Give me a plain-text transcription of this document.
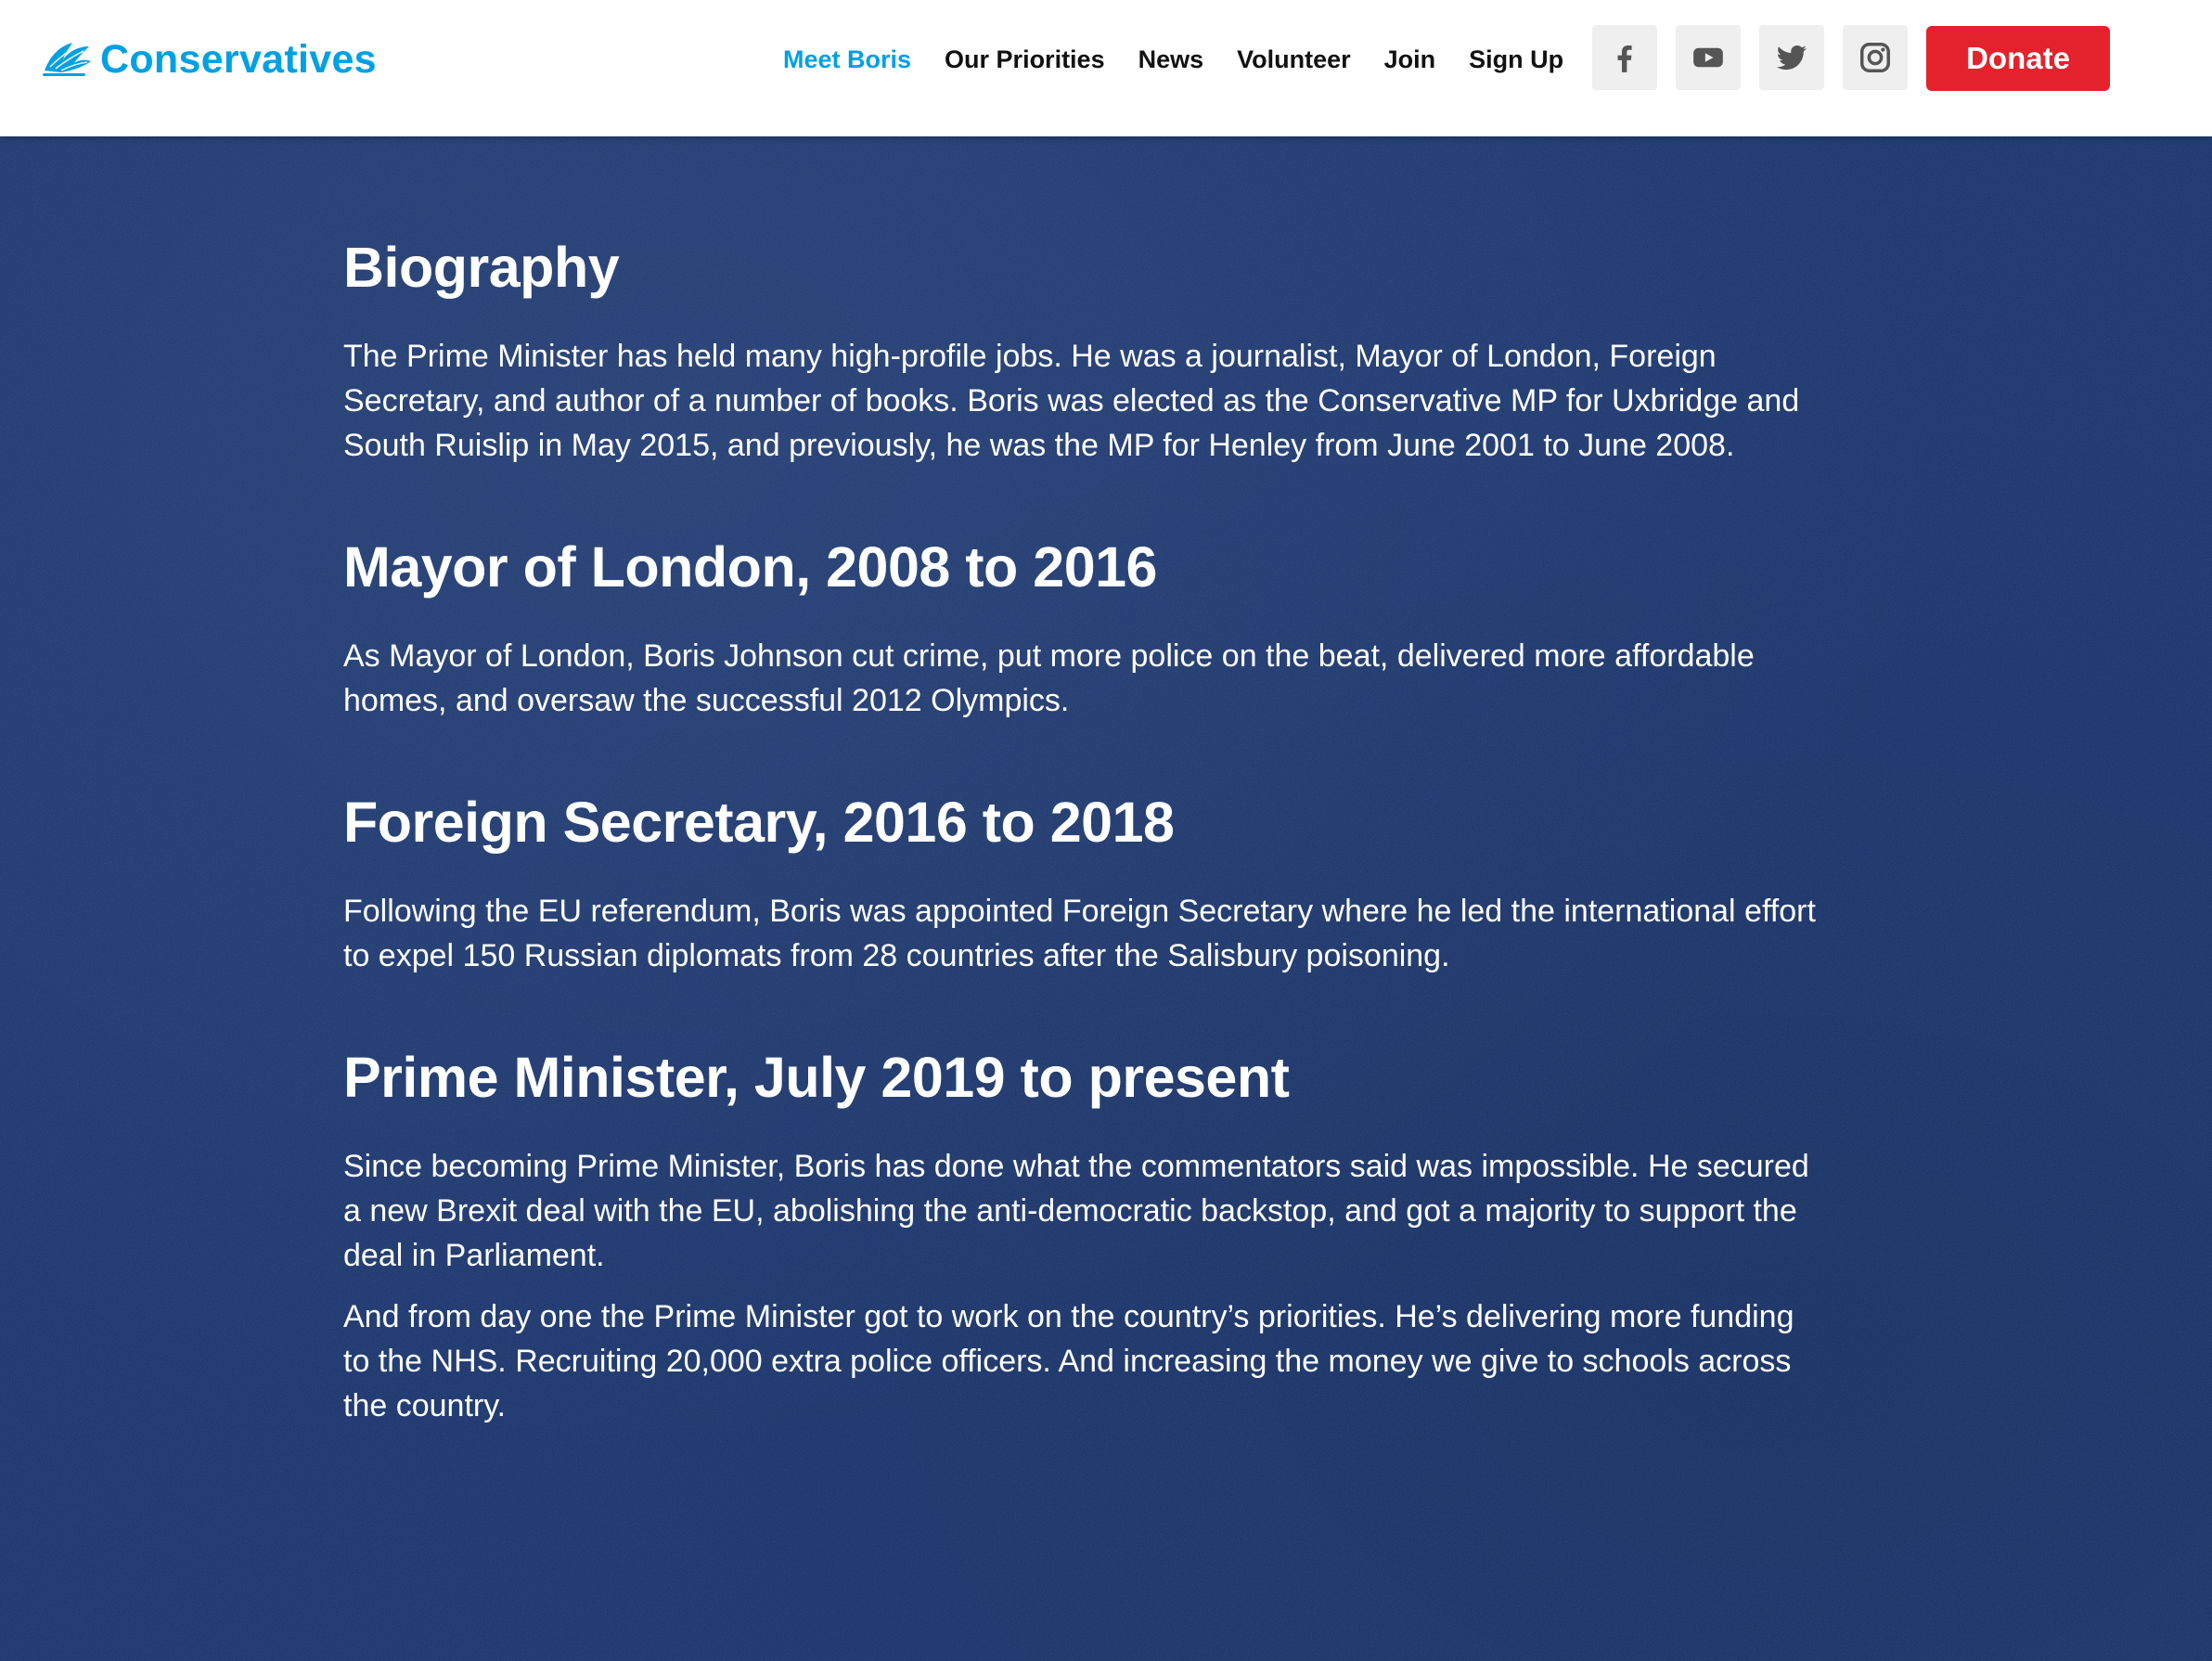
Conservatives	Meet Boris Our Priorities News Volunteer Join Sign Up	Donate
Biography

The Prime Minister has held many high-profile jobs. He was a journalist, Mayor of London, Foreign Secretary, and author of a number of books. Boris was elected as the Conservative MP for Uxbridge and South Ruislip in May 2015, and previously, he was the MP for Henley from June 2001 to June 2008.

Mayor of London, 2008 to 2016

As Mayor of London, Boris Johnson cut crime, put more police on the beat, delivered more affordable homes, and oversaw the successful 2012 Olympics.

Foreign Secretary, 2016 to 2018

Following the EU referendum, Boris was appointed Foreign Secretary where he led the international effort to expel 150 Russian diplomats from 28 countries after the Salisbury poisoning.

Prime Minister, July 2019 to present

Since becoming Prime Minister, Boris has done what the commentators said was impossible. He secured a new Brexit deal with the EU, abolishing the anti-democratic backstop, and got a majority to support the deal in Parliament.

And from day one the Prime Minister got to work on the country’s priorities. He’s delivering more funding to the NHS. Recruiting 20,000 extra police officers. And increasing the money we give to schools across the country.
